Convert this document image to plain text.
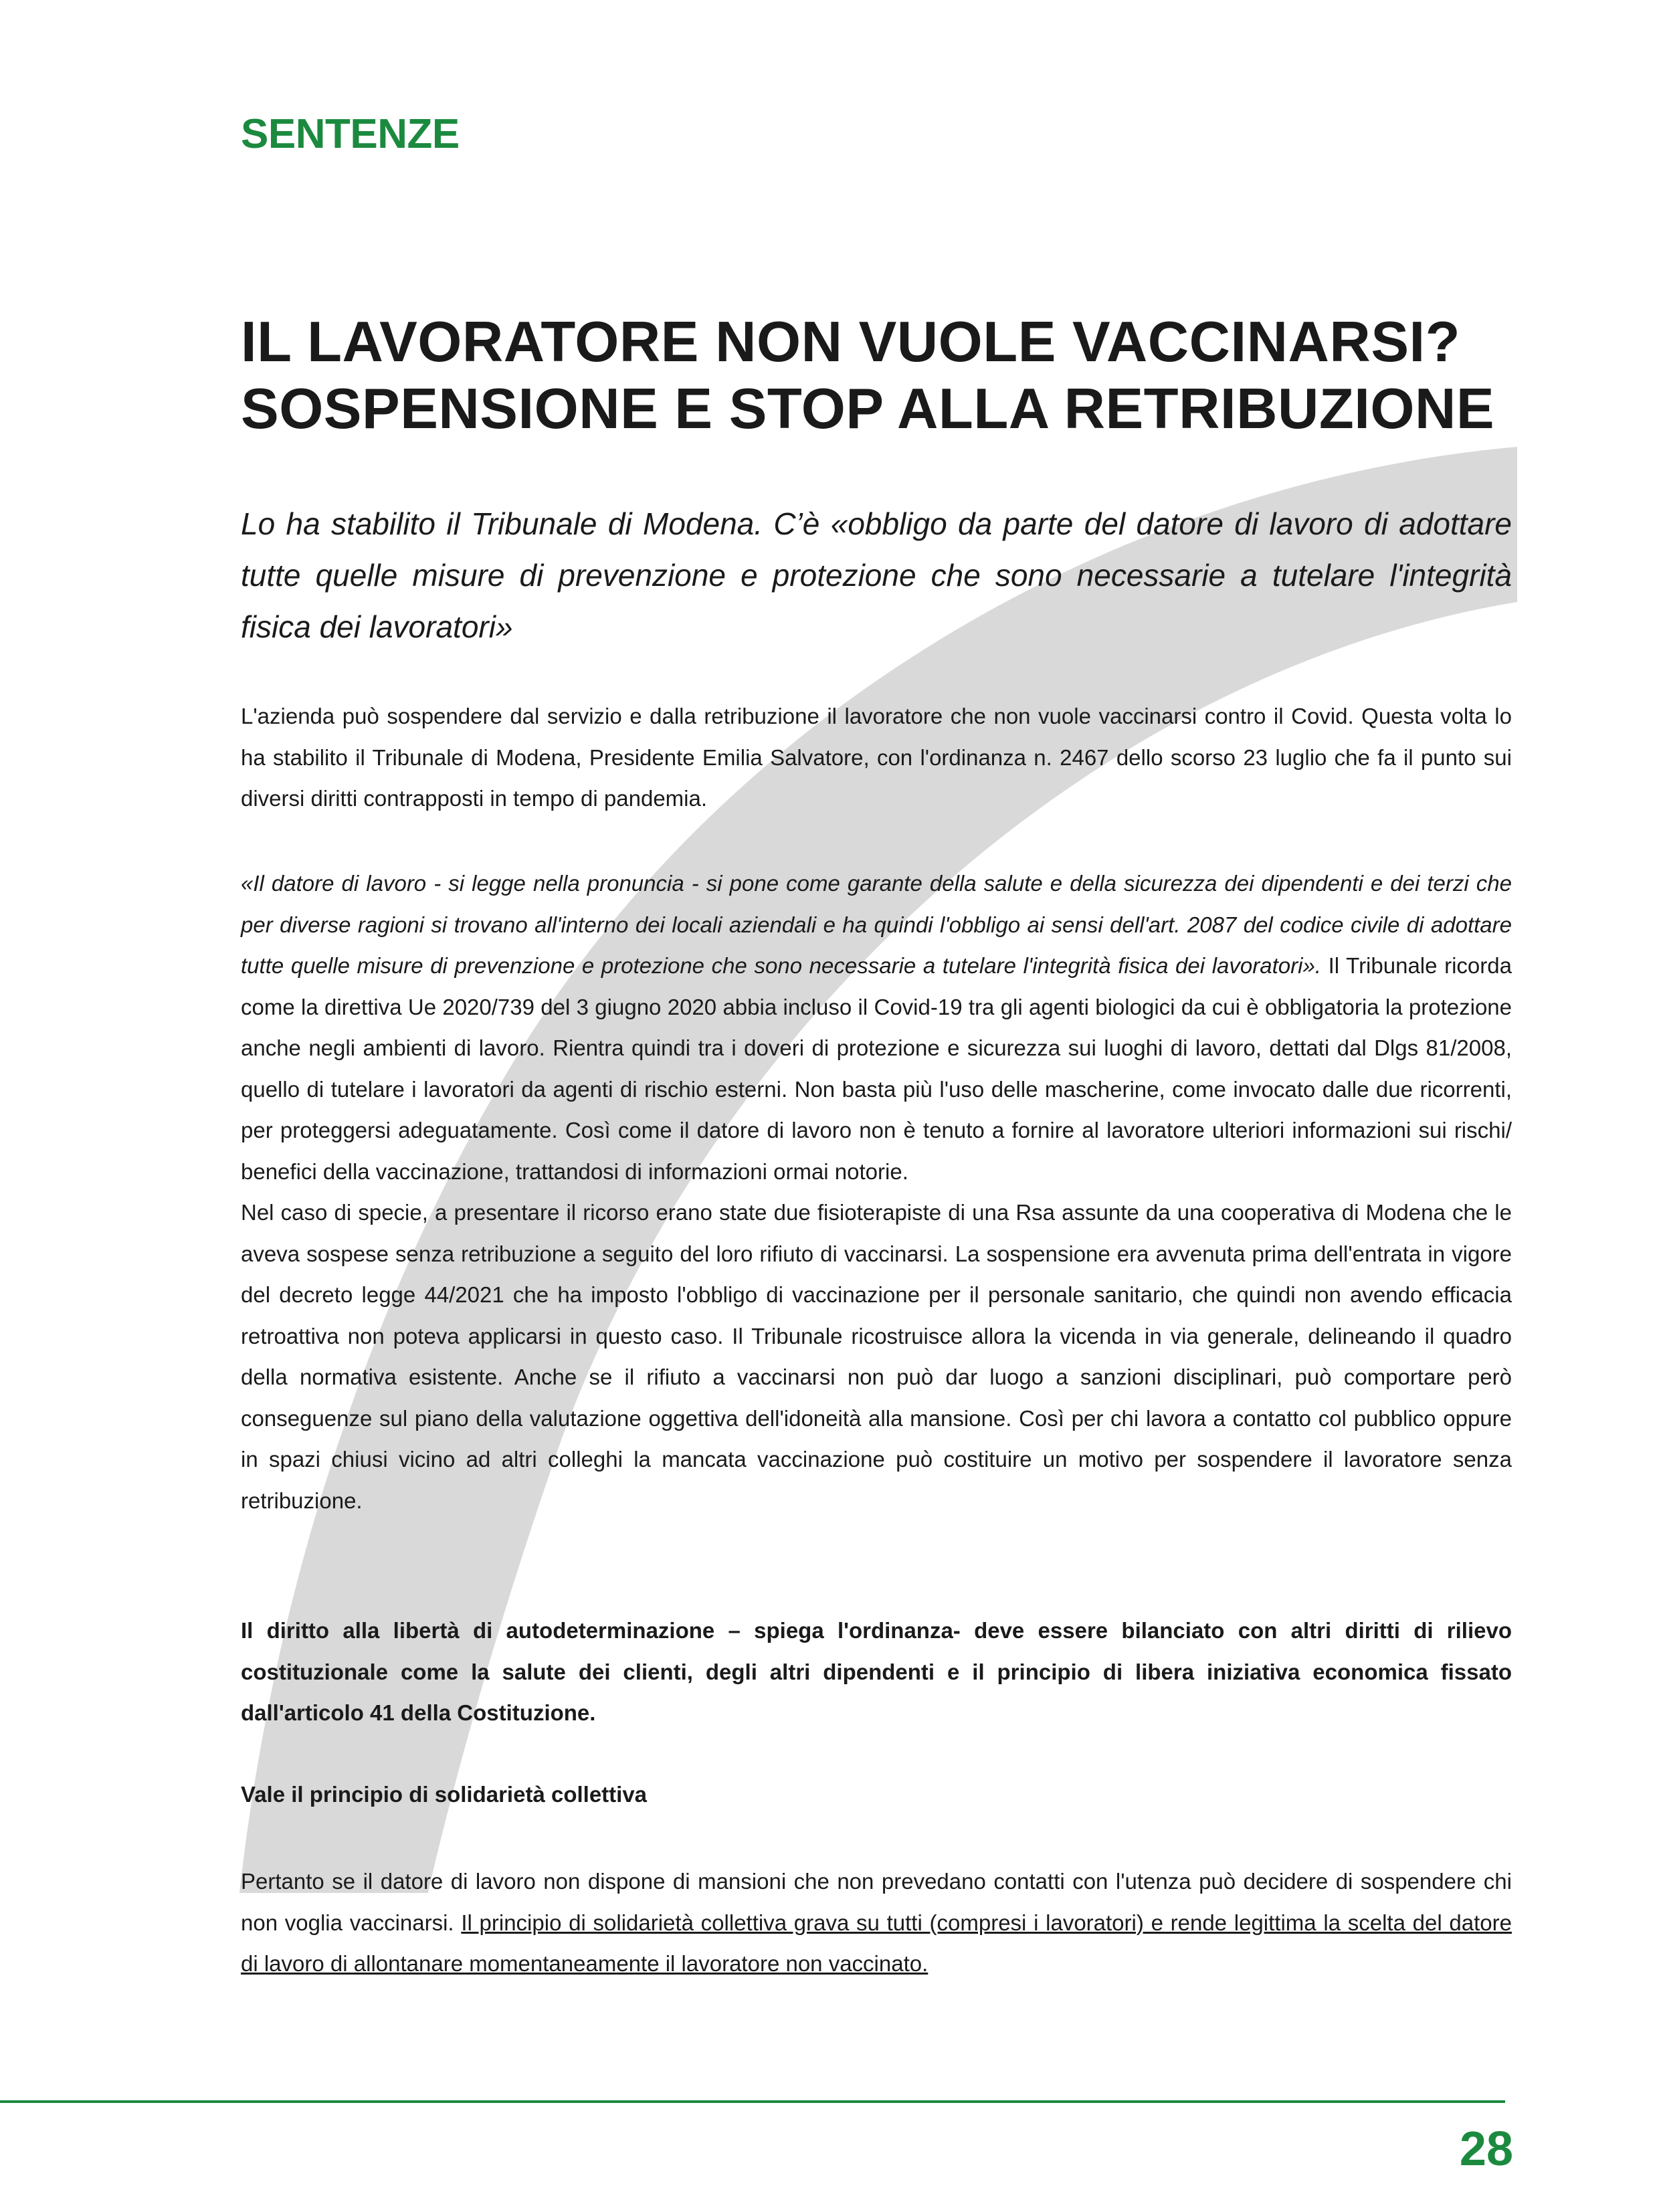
SENTENZE
IL LAVORATORE NON VUOLE VACCINARSI?
SOSPENSIONE E STOP ALLA RETRIBUZIONE

Lo ha stabilito il Tribunale di Modena. C’è «obbligo da parte del datore di lavoro di adottare tutte quelle misure di prevenzione e protezione che sono necessarie a tutelare l'integrità fisica dei lavoratori»

L'azienda può sospendere dal servizio e dalla retribuzione il lavoratore che non vuole vaccinarsi contro il Covid. Questa volta lo ha stabilito il Tribunale di Modena, Presidente Emilia Salvatore, con l'ordinanza n. 2467 dello scorso 23 luglio che fa il punto sui diversi diritti contrapposti in tempo di pandemia.

«Il datore di lavoro - si legge nella pronuncia - si pone come garante della salute e della sicurezza dei dipendenti e dei terzi che per diverse ragioni si trovano all'interno dei locali aziendali e ha quindi l'obbligo ai sensi dell'art. 2087 del codice civile di adottare tutte quelle misure di prevenzione e protezione che sono necessarie a tutelare l'integrità fisica dei lavoratori». Il Tribunale ricorda come la direttiva Ue 2020/739 del 3 giugno 2020 abbia incluso il Covid-19 tra gli agenti biologici da cui è obbligatoria la protezione anche negli ambienti di lavoro. Rientra quindi tra i doveri di protezione e sicurezza sui luoghi di lavoro, dettati dal Dlgs 81/2008, quello di tutelare i lavoratori da agenti di rischio esterni. Non basta più l'uso delle mascherine, come invocato dalle due ricorrenti, per proteggersi adeguatamente. Così come il datore di lavoro non è tenuto a fornire al lavoratore ulteriori informazioni sui rischi/ benefici della vaccinazione, trattandosi di informazioni ormai notorie.
Nel caso di specie, a presentare il ricorso erano state due fisioterapiste di una Rsa assunte da una cooperativa di Modena che le aveva sospese senza retribuzione a seguito del loro rifiuto di vaccinarsi. La sospensione era avvenuta prima dell'entrata in vigore del decreto legge 44/2021 che ha imposto l'obbligo di vaccinazione per il personale sanitario, che quindi non avendo efficacia retroattiva non poteva applicarsi in questo caso. Il Tribunale ricostruisce allora la vicenda in via generale, delineando il quadro della normativa esistente. Anche se il rifiuto a vaccinarsi non può dar luogo a sanzioni disciplinari, può comportare però conseguenze sul piano della valutazione oggettiva dell'idoneità alla mansione. Così per chi lavora a contatto col pubblico oppure in spazi chiusi vicino ad altri colleghi la mancata vaccinazione può costituire un motivo per sospendere il lavoratore senza retribuzione.

Il diritto alla libertà di autodeterminazione – spiega l'ordinanza- deve essere bilanciato con altri diritti di rilievo costituzionale come la salute dei clienti, degli altri dipendenti e il principio di libera iniziativa economica fissato dall'articolo 41 della Costituzione.

Vale il principio di solidarietà collettiva

Pertanto se il datore di lavoro non dispone di mansioni che non prevedano contatti con l'utenza può decidere di sospendere chi non voglia vaccinarsi. Il principio di solidarietà collettiva grava su tutti (compresi i lavoratori) e rende legittima la scelta del datore di lavoro di allontanare momentaneamente il lavoratore non vaccinato.

28
